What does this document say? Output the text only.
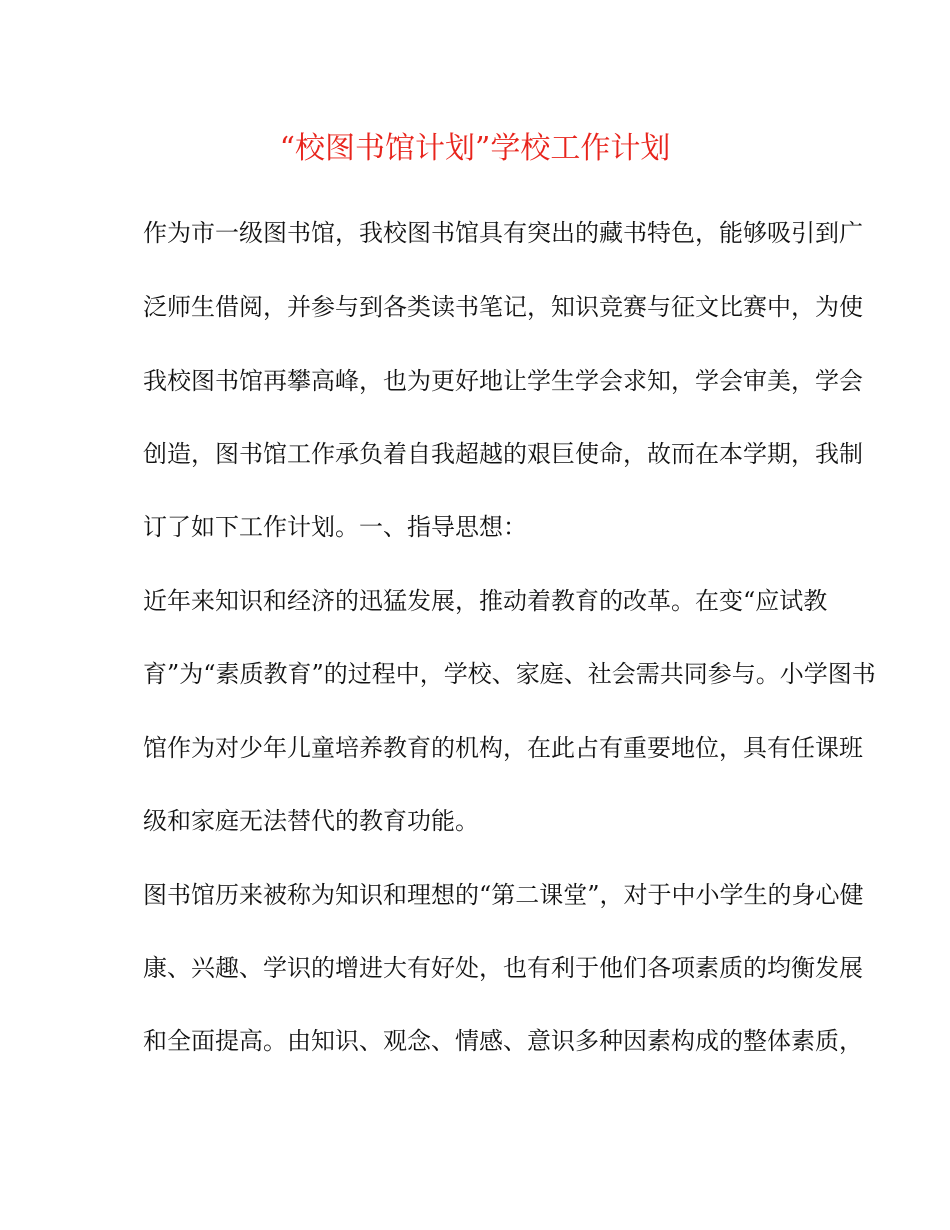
“校图书馆计划”学校工作计划
作为市一级图书馆，我校图书馆具有突出的藏书特色，能够吸引到广
泛师生借阅，并参与到各类读书笔记，知识竞赛与征文比赛中，为使
我校图书馆再攀高峰，也为更好地让学生学会求知，学会审美，学会
创造，图书馆工作承负着自我超越的艰巨使命，故而在本学期，我制
订了如下工作计划。一、指导思想：
近年来知识和经济的迅猛发展，推动着教育的改革。在变“应试教
育”为“素质教育”的过程中，学校、家庭、社会需共同参与。小学图书
馆作为对少年儿童培养教育的机构，在此占有重要地位，具有任课班
级和家庭无法替代的教育功能。
图书馆历来被称为知识和理想的“第二课堂”，对于中小学生的身心健
康、兴趣、学识的增进大有好处，也有利于他们各项素质的均衡发展
和全面提高。由知识、观念、情感、意识多种因素构成的整体素质，
